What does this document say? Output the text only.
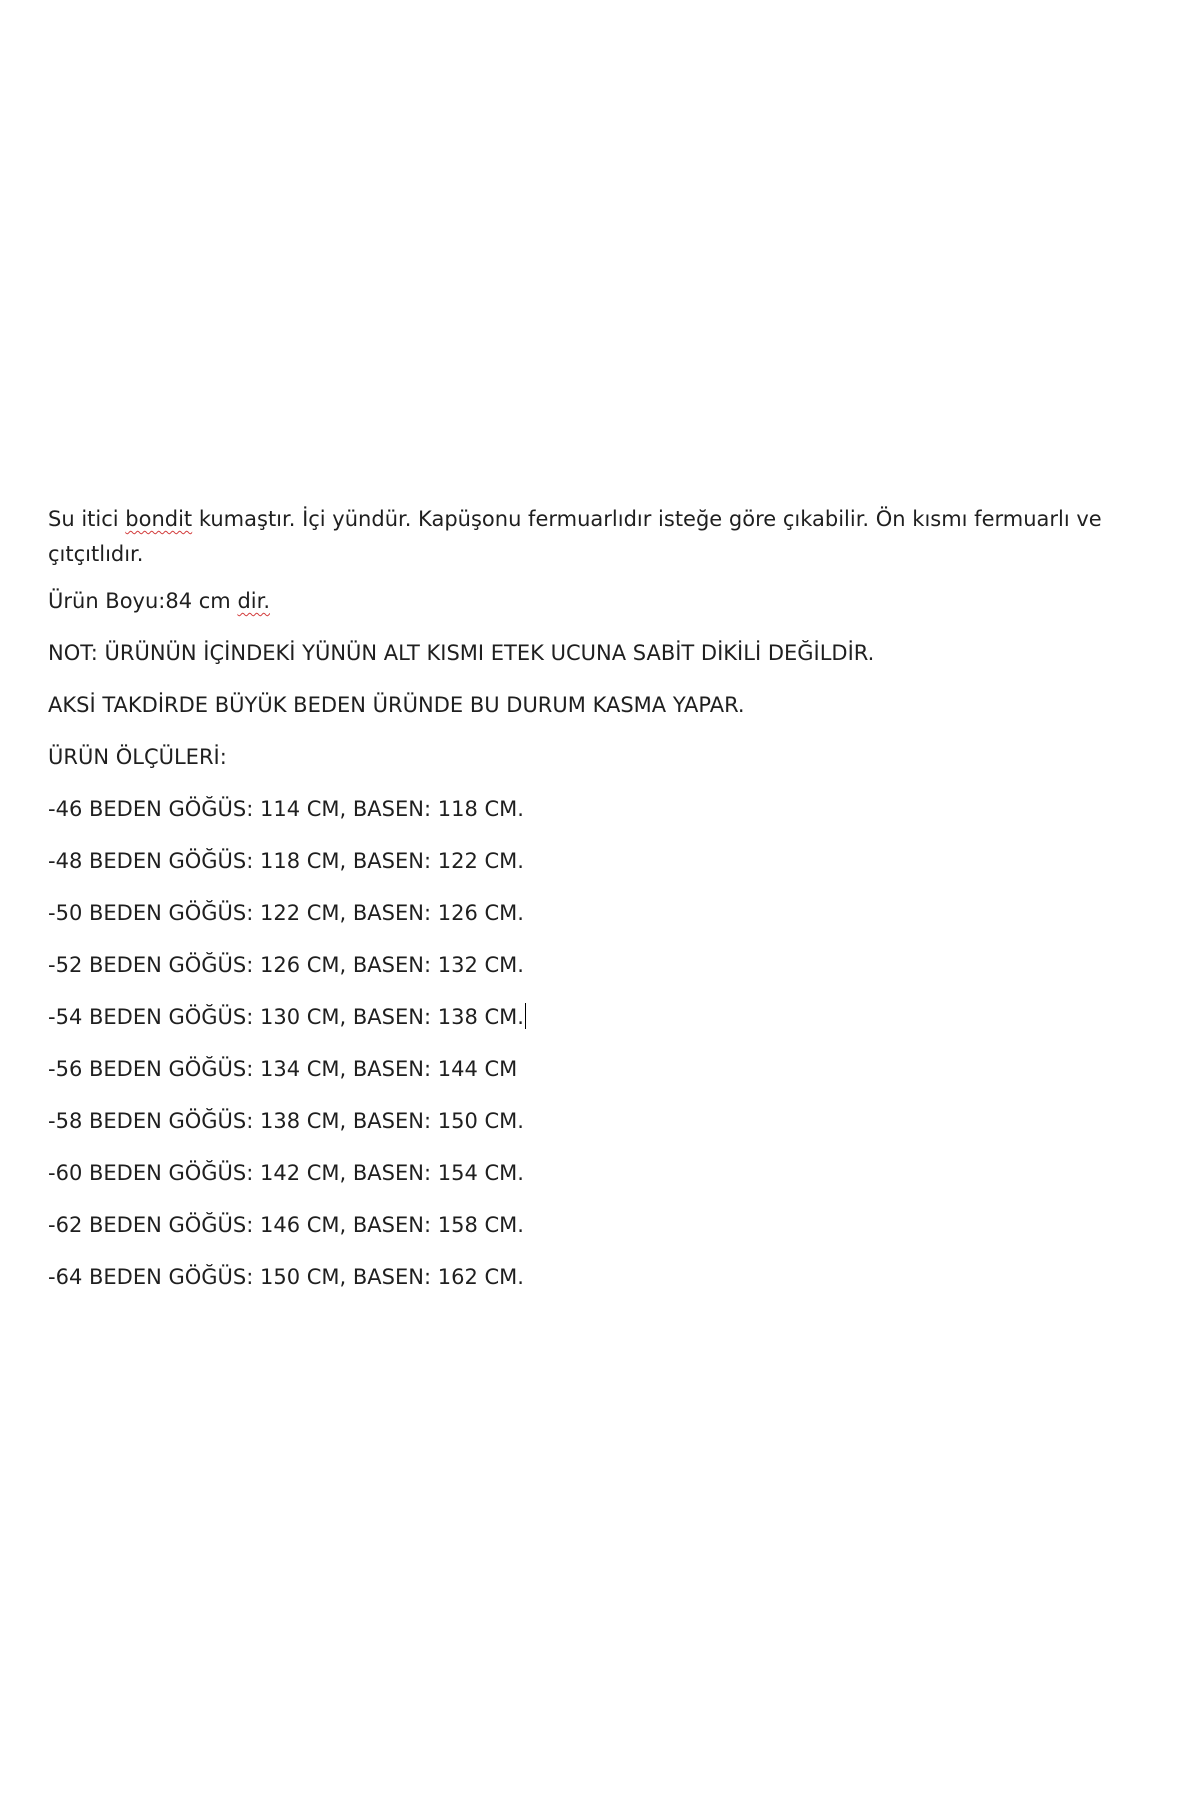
Su itici bondit kumaştır. İçi yündür. Kapüşonu fermuarlıdır isteğe göre çıkabilir. Ön kısmı fermuarlı ve çıtçıtlıdır.

Ürün Boyu:84 cm dir.

NOT: ÜRÜNÜN İÇİNDEKİ YÜNÜN ALT KISMI ETEK UCUNA SABİT DİKİLİ DEĞİLDİR.

AKSİ TAKDİRDE BÜYÜK BEDEN ÜRÜNDE BU DURUM KASMA YAPAR.

ÜRÜN ÖLÇÜLERİ:

-46 BEDEN GÖĞÜS: 114 CM, BASEN: 118 CM.

-48 BEDEN GÖĞÜS: 118 CM, BASEN: 122 CM.

-50 BEDEN GÖĞÜS: 122 CM, BASEN: 126 CM.

-52 BEDEN GÖĞÜS: 126 CM, BASEN: 132 CM.

-54 BEDEN GÖĞÜS: 130 CM, BASEN: 138 CM.

-56 BEDEN GÖĞÜS: 134 CM, BASEN: 144 CM

-58 BEDEN GÖĞÜS: 138 CM, BASEN: 150 CM.

-60 BEDEN GÖĞÜS: 142 CM, BASEN: 154 CM.

-62 BEDEN GÖĞÜS: 146 CM, BASEN: 158 CM.

-64 BEDEN GÖĞÜS: 150 CM, BASEN: 162 CM.
